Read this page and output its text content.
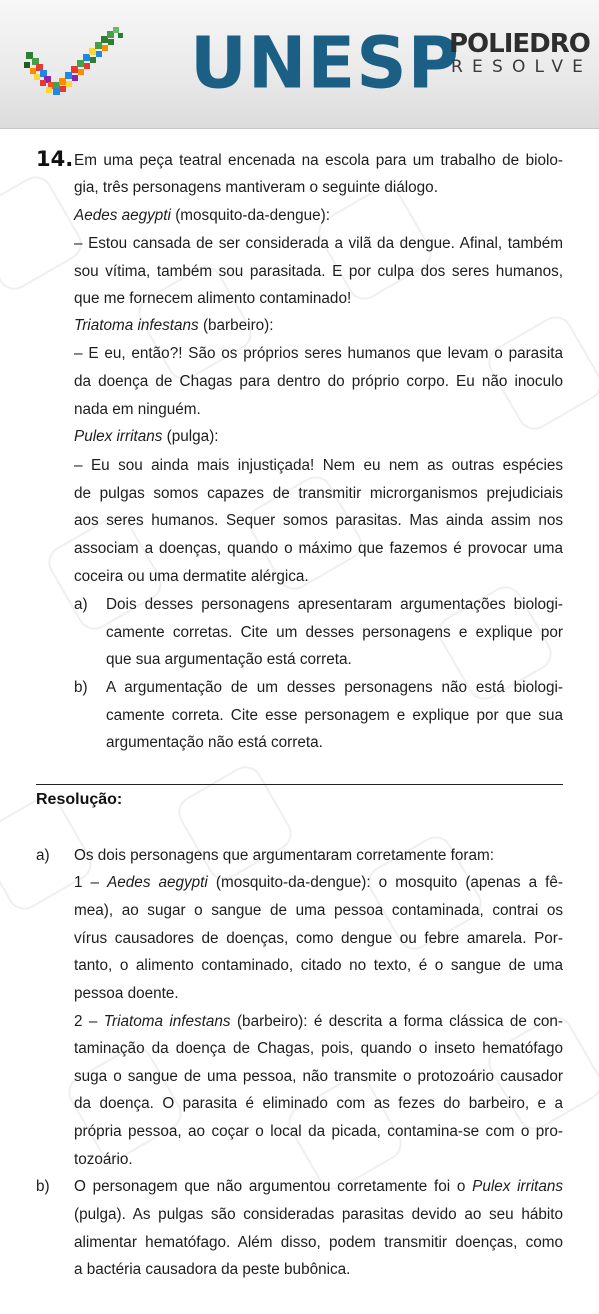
UNESP
POLIEDRO
RESOLVE
14. Em uma peça teatral encenada na escola para um trabalho de biolo-
gia, três personagens mantiveram o seguinte diálogo.
Aedes aegypti (mosquito-da-dengue):
– Estou cansada de ser considerada a vilã da dengue. Afinal, também
sou vítima, também sou parasitada. E por culpa dos seres humanos,
que me fornecem alimento contaminado!
Triatoma infestans (barbeiro):
– E eu, então?! São os próprios seres humanos que levam o parasita
da doença de Chagas para dentro do próprio corpo. Eu não inoculo
nada em ninguém.
Pulex irritans (pulga):
– Eu sou ainda mais injustiçada! Nem eu nem as outras espécies
de pulgas somos capazes de transmitir microrganismos prejudiciais
aos seres humanos. Sequer somos parasitas. Mas ainda assim nos
associam a doenças, quando o máximo que fazemos é provocar uma
coceira ou uma dermatite alérgica.
a) Dois desses personagens apresentaram argumentações biologi-
camente corretas. Cite um desses personagens e explique por
que sua argumentação está correta.
b) A argumentação de um desses personagens não está biologi-
camente correta. Cite esse personagem e explique por que sua
argumentação não está correta.
Resolução:
a) Os dois personagens que argumentaram corretamente foram:
1 – Aedes aegypti (mosquito-da-dengue): o mosquito (apenas a fê-
mea), ao sugar o sangue de uma pessoa contaminada, contrai os
vírus causadores de doenças, como dengue ou febre amarela. Por-
tanto, o alimento contaminado, citado no texto, é o sangue de uma
pessoa doente.
2 – Triatoma infestans (barbeiro): é descrita a forma clássica de con-
taminação da doença de Chagas, pois, quando o inseto hematófago
suga o sangue de uma pessoa, não transmite o protozoário causador
da doença. O parasita é eliminado com as fezes do barbeiro, e a
própria pessoa, ao coçar o local da picada, contamina-se com o pro-
tozoário.
b) O personagem que não argumentou corretamente foi o Pulex irritans
(pulga). As pulgas são consideradas parasitas devido ao seu hábito
alimentar hematófago. Além disso, podem transmitir doenças, como
a bactéria causadora da peste bubônica.
